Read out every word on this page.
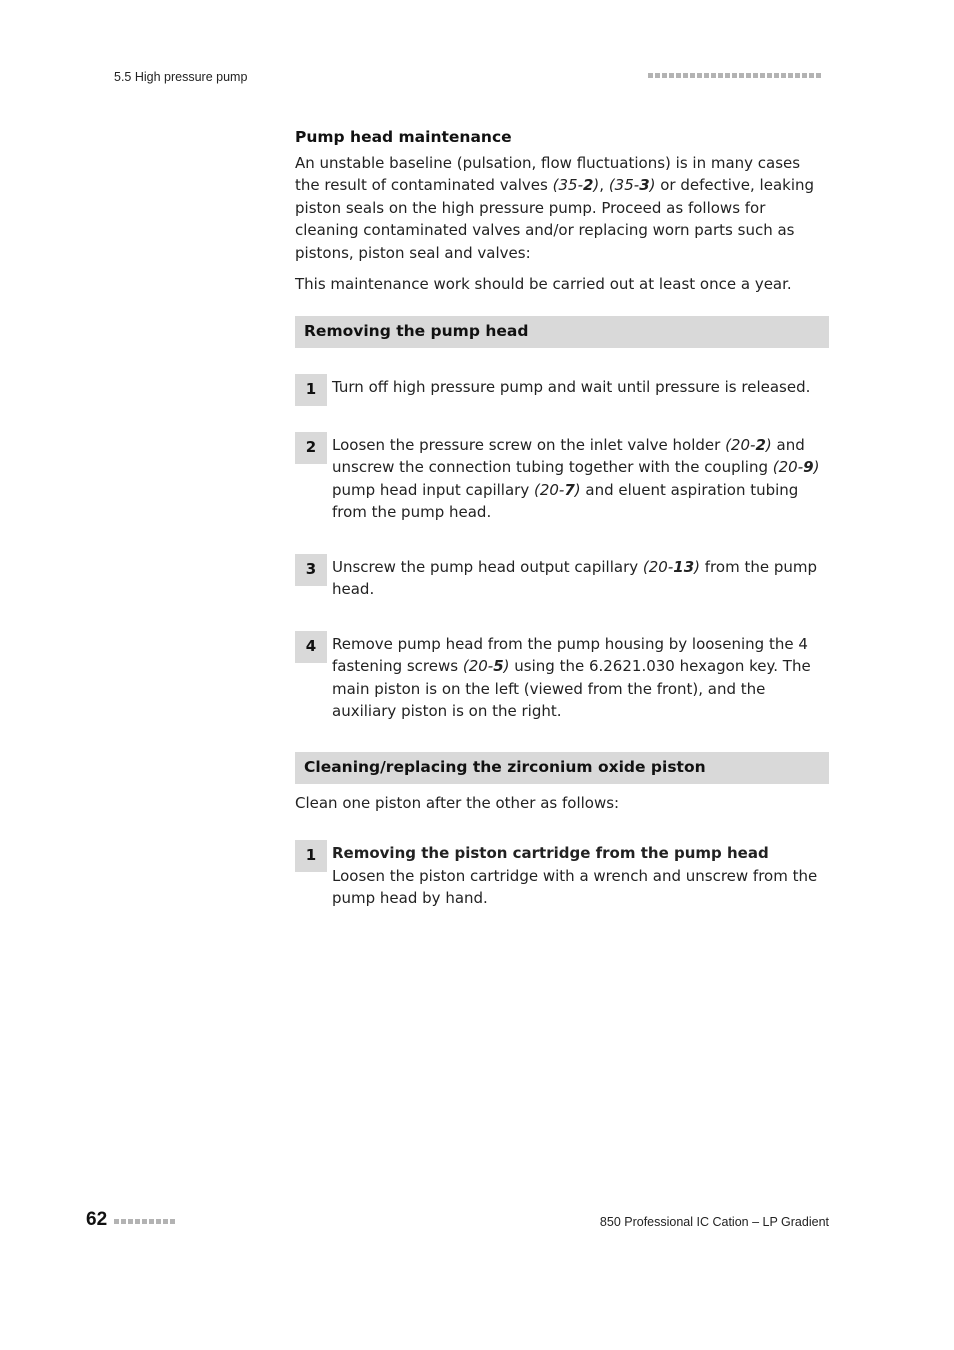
5.5 High pressure pump
Pump head maintenance

An unstable baseline (pulsation, flow fluctuations) is in many cases the result of contaminated valves (35-2), (35-3) or defective, leaking piston seals on the high pressure pump. Proceed as follows for cleaning contaminated valves and/or replacing worn parts such as pistons, piston seal and valves:

This maintenance work should be carried out at least once a year.

Removing the pump head
1	Turn off high pressure pump and wait until pressure is released.
2	Loosen the pressure screw on the inlet valve holder (20-2) and unscrew the connection tubing together with the coupling (20-9) pump head input capillary (20-7) and eluent aspiration tubing from the pump head.
3	Unscrew the pump head output capillary (20-13) from the pump head.
4	Remove pump head from the pump housing by loosening the 4 fastening screws (20-5) using the 6.2621.030 hexagon key. The main piston is on the left (viewed from the front), and the auxiliary piston is on the right.
Cleaning/replacing the zirconium oxide piston

Clean one piston after the other as follows:

1	Removing the piston cartridge from the pump head
Loosen the piston cartridge with a wrench and unscrew from the pump head by hand.
62	850 Professional IC Cation – LP Gradient
